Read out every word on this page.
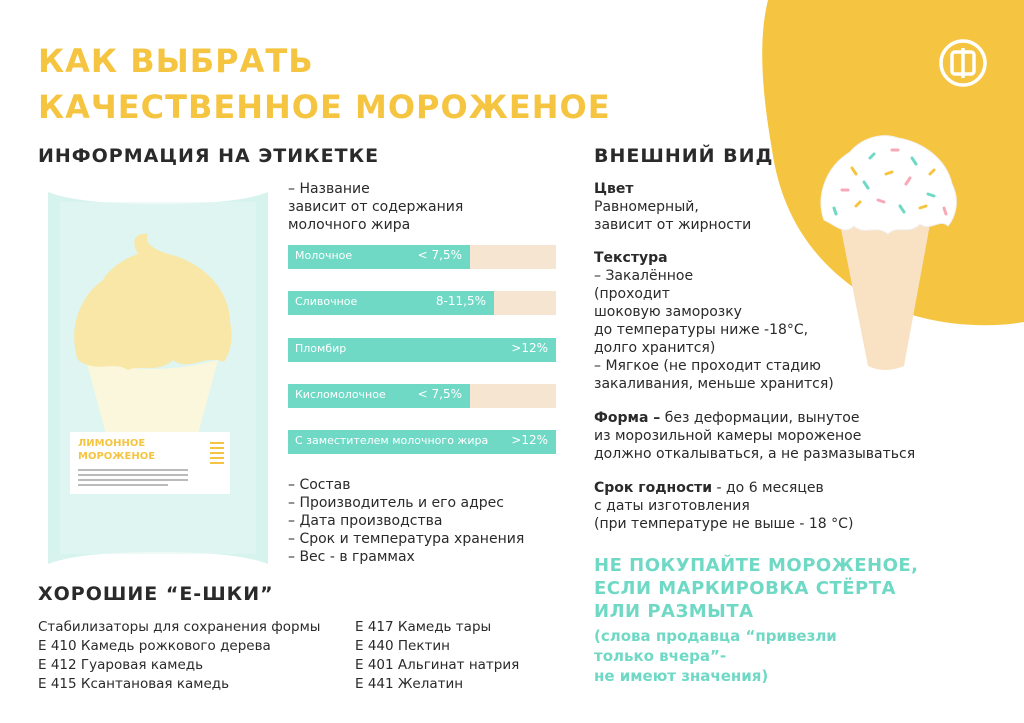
КАК ВЫБРАТЬ
КАЧЕСТВЕННОЕ МОРОЖЕНОЕ
ИНФОРМАЦИЯ НА ЭТИКЕТКЕ
ЛИМОННОЕ
МОРОЖЕНОЕ
– Название
зависит от содержания
молочного жира
Молочное	< 7,5%
Сливочное	8-11,5%
Пломбир	>12%
Кисломолочное	< 7,5%
С заместителем молочного жира >12%
– Состав
– Производитель и его адрес
– Дата производства
– Срок и температура хранения
– Вес - в граммах
ВНЕШНИЙ ВИД
Цвет
Равномерный,
зависит от жирности
Текстура
– Закалённое
(проходит
шоковую заморозку
до температуры ниже -18°С,
долго хранится)
– Мягкое (не проходит стадию
закаливания, меньше хранится)
Форма – без деформации, вынутое
из морозильной камеры мороженое
должно откалываться, а не размазываться
Срок годности - до 6 месяцев
с даты изготовления
(при температуре не выше - 18 °С)
НЕ ПОКУПАЙТЕ МОРОЖЕНОЕ,
ЕСЛИ МАРКИРОВКА СТЁРТА
ИЛИ РАЗМЫТА
(слова продавца “привезли
только вчера”-
не имеют значения)
ХОРОШИЕ “Е-ШКИ”
Стабилизаторы для сохранения формы
Е 410 Камедь рожкового дерева
Е 412 Гуаровая камедь
Е 415 Ксантановая камедь
Е 417 Камедь тары
Е 440 Пектин
Е 401 Альгинат натрия
Е 441 Желатин
